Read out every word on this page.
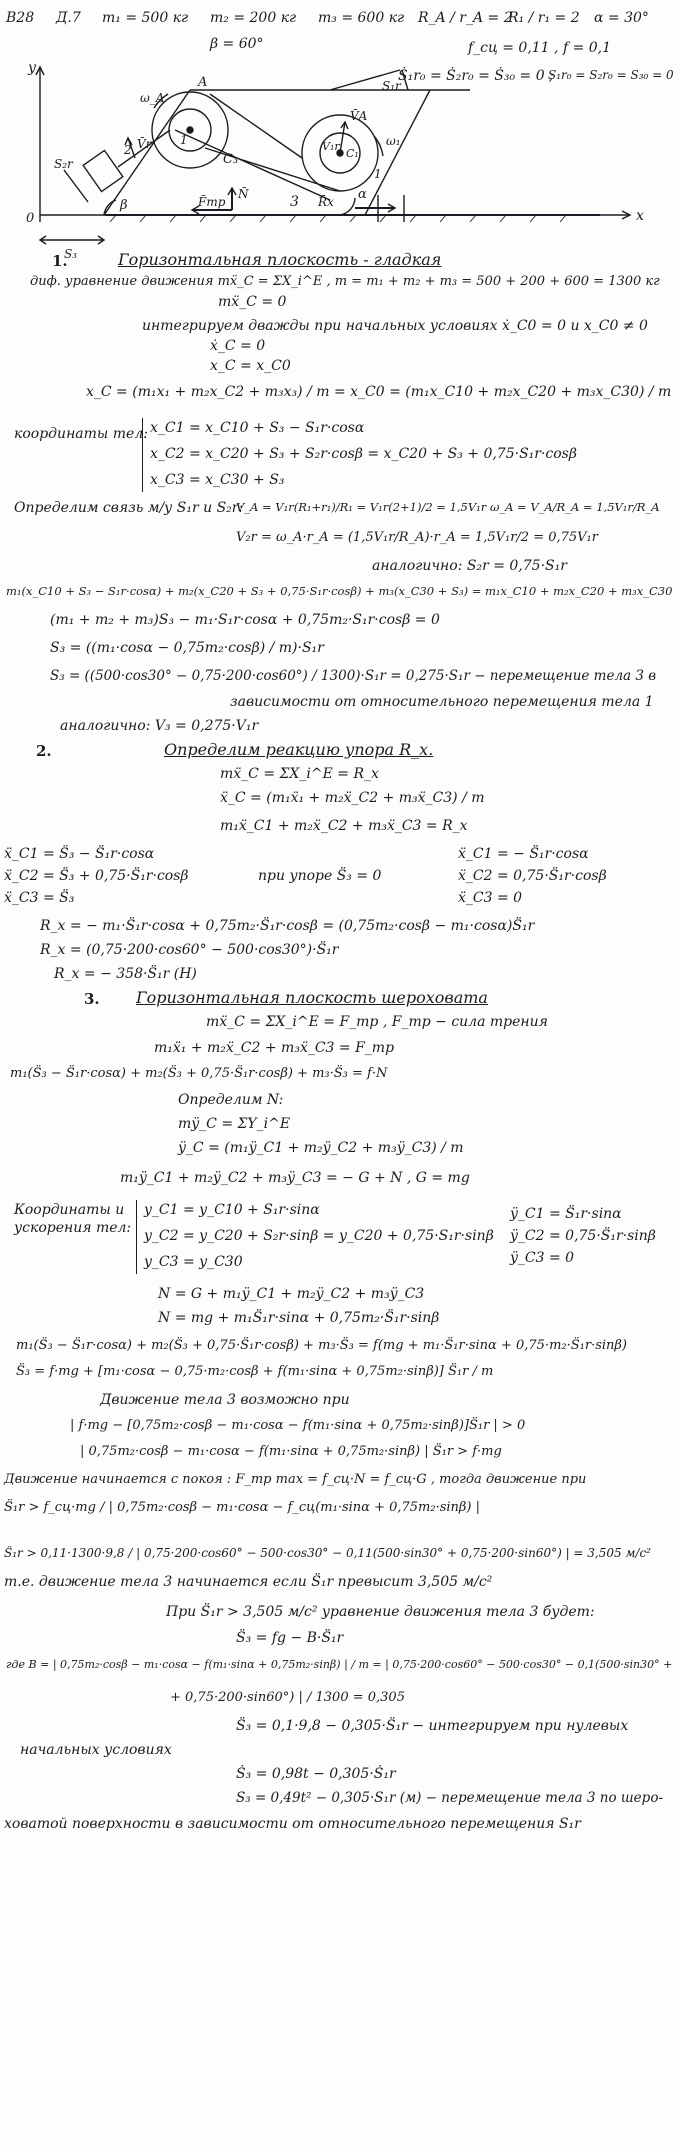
В28 Д.7 m₁ = 500 кг m₂ = 200 кг m₃ = 600 кг R_A / r_A = 2
R₁ / r₁ = 2 α = 30°
β = 60°	f_сц = 0,11 , f = 0,1
Ṡ₁r₀ = Ṡ₂r₀ = Ṡ₃₀ = 0 ;
S₁r₀ = S₂r₀ = S₃₀ = 0
y
x
0
A
ω_A
V̄r 1
2
S₂r
β
C₃
F̄тр
N̄	3 R̄x α
S₁r
V̄A
V₁r
C₁
ω₁
1
S₃
1.	Горизонтальная плоскость - гладкая
диф. уравнение движения mẍ_C = ΣX_i^E , m = m₁ + m₂ + m₃ = 500 + 200 + 600 = 1300 кг
mẍ_C = 0
интегрируем дважды при начальных условиях ẋ_C0 = 0 и x_C0 ≠ 0
ẋ_C = 0
x_C = x_C0
x_C = (m₁x₁ + m₂x_C2 + m₃x₃) / m = x_C0 = (m₁x_C10 + m₂x_C20 + m₃x_C30) / m
координаты тел: x_C1 = x_C10 + S₃ − S₁r·cosα
x_C2 = x_C20 + S₃ + S₂r·cosβ = x_C20 + S₃ + 0,75·S₁r·cosβ
x_C3 = x_C30 + S₃
Определим связь м/у S₁r и S₂r:
V_A = V₁r(R₁+r₁)/R₁ = V₁r(2+1)/2 = 1,5V₁r ω_A = V_A/R_A = 1,5V₁r/R_A
V₂r = ω_A·r_A = (1,5V₁r/R_A)·r_A = 1,5V₁r/2 = 0,75V₁r
аналогично: S₂r = 0,75·S₁r
m₁(x_C10 + S₃ − S₁r·cosα) + m₂(x_C20 + S₃ + 0,75·S₁r·cosβ) + m₃(x_C30 + S₃) = m₁x_C10 + m₂x_C20 + m₃x_C30
(m₁ + m₂ + m₃)S₃ − m₁·S₁r·cosα + 0,75m₂·S₁r·cosβ = 0
S₃ = ((m₁·cosα − 0,75m₂·cosβ) / m)·S₁r
S₃ = ((500·cos30° − 0,75·200·cos60°) / 1300)·S₁r = 0,275·S₁r − перемещение тела 3 в
зависимости от относительного перемещения тела 1
аналогично: V₃ = 0,275·V₁r
2.	Определим реакцию упора R_x.
mẍ_C = ΣX_i^E = R_x
ẍ_C = (m₁ẍ₁ + m₂ẍ_C2 + m₃ẍ_C3) / m
m₁ẍ_C1 + m₂ẍ_C2 + m₃ẍ_C3 = R_x
ẍ_C1 = S̈₃ − S̈₁r·cosα
ẍ_C2 = S̈₃ + 0,75·S̈₁r·cosβ
ẍ_C3 = S̈₃
при упоре S̈₃ = 0
ẍ_C1 = − S̈₁r·cosα
ẍ_C2 = 0,75·S̈₁r·cosβ
ẍ_C3 = 0
R_x = − m₁·S̈₁r·cosα + 0,75m₂·S̈₁r·cosβ = (0,75m₂·cosβ − m₁·cosα)S̈₁r
R_x = (0,75·200·cos60° − 500·cos30°)·S̈₁r
R_x = − 358·S̈₁r (Н)
3. Горизонтальная плоскость шероховата
mẍ_C = ΣX_i^E = F_тр , F_тр − сила трения
m₁ẍ₁ + m₂ẍ_C2 + m₃ẍ_C3 = F_тр
m₁(S̈₃ − S̈₁r·cosα) + m₂(S̈₃ + 0,75·S̈₁r·cosβ) + m₃·S̈₃ = f·N
Определим N:
mÿ_C = ΣY_i^E
ÿ_C = (m₁ÿ_C1 + m₂ÿ_C2 + m₃ÿ_C3) / m
m₁ÿ_C1 + m₂ÿ_C2 + m₃ÿ_C3 = − G + N , G = mg
Координаты и
ускорения тел:
y_C1 = y_C10 + S₁r·sinα
y_C2 = y_C20 + S₂r·sinβ = y_C20 + 0,75·S₁r·sinβ
y_C3 = y_C30
ÿ_C1 = S̈₁r·sinα
ÿ_C2 = 0,75·S̈₁r·sinβ
ÿ_C3 = 0
N = G + m₁ÿ_C1 + m₂ÿ_C2 + m₃ÿ_C3
N = mg + m₁S̈₁r·sinα + 0,75m₂·S̈₁r·sinβ
m₁(S̈₃ − S̈₁r·cosα) + m₂(S̈₃ + 0,75·S̈₁r·cosβ) + m₃·S̈₃ = f(mg + m₁·S̈₁r·sinα + 0,75·m₂·S̈₁r·sinβ)
S̈₃ = f·mg + [m₁·cosα − 0,75·m₂·cosβ + f(m₁·sinα + 0,75m₂·sinβ)] S̈₁r / m
Движение тела 3 возможно при
| f·mg − [0,75m₂·cosβ − m₁·cosα − f(m₁·sinα + 0,75m₂·sinβ)]S̈₁r | > 0
| 0,75m₂·cosβ − m₁·cosα − f(m₁·sinα + 0,75m₂·sinβ) | S̈₁r > f·mg
Движение начинается с покоя : F_тр max = f_сц·N = f_сц·G , тогда движение при
S̈₁r > f_сц·mg / | 0,75m₂·cosβ − m₁·cosα − f_сц(m₁·sinα + 0,75m₂·sinβ) |
S̈₁r > 0,11·1300·9,8 / | 0,75·200·cos60° − 500·cos30° − 0,11(500·sin30° + 0,75·200·sin60°) | = 3,505 м/с²
т.е. движение тела 3 начинается если S̈₁r превысит 3,505 м/с²
При S̈₁r > 3,505 м/с² уравнение движения тела 3 будет:
S̈₃ = fg − B·S̈₁r
где B = | 0,75m₂·cosβ − m₁·cosα − f(m₁·sinα + 0,75m₂·sinβ) | / m = | 0,75·200·cos60° − 500·cos30° − 0,1(500·sin30° +
+ 0,75·200·sin60°) | / 1300 = 0,305
S̈₃ = 0,1·9,8 − 0,305·S̈₁r − интегрируем при нулевых
начальных условиях
Ṡ₃ = 0,98t − 0,305·Ṡ₁r
S₃ = 0,49t² − 0,305·S₁r (м) − перемещение тела 3 по шеро-
ховатой поверхности в зависимости от относительного перемещения S₁r
